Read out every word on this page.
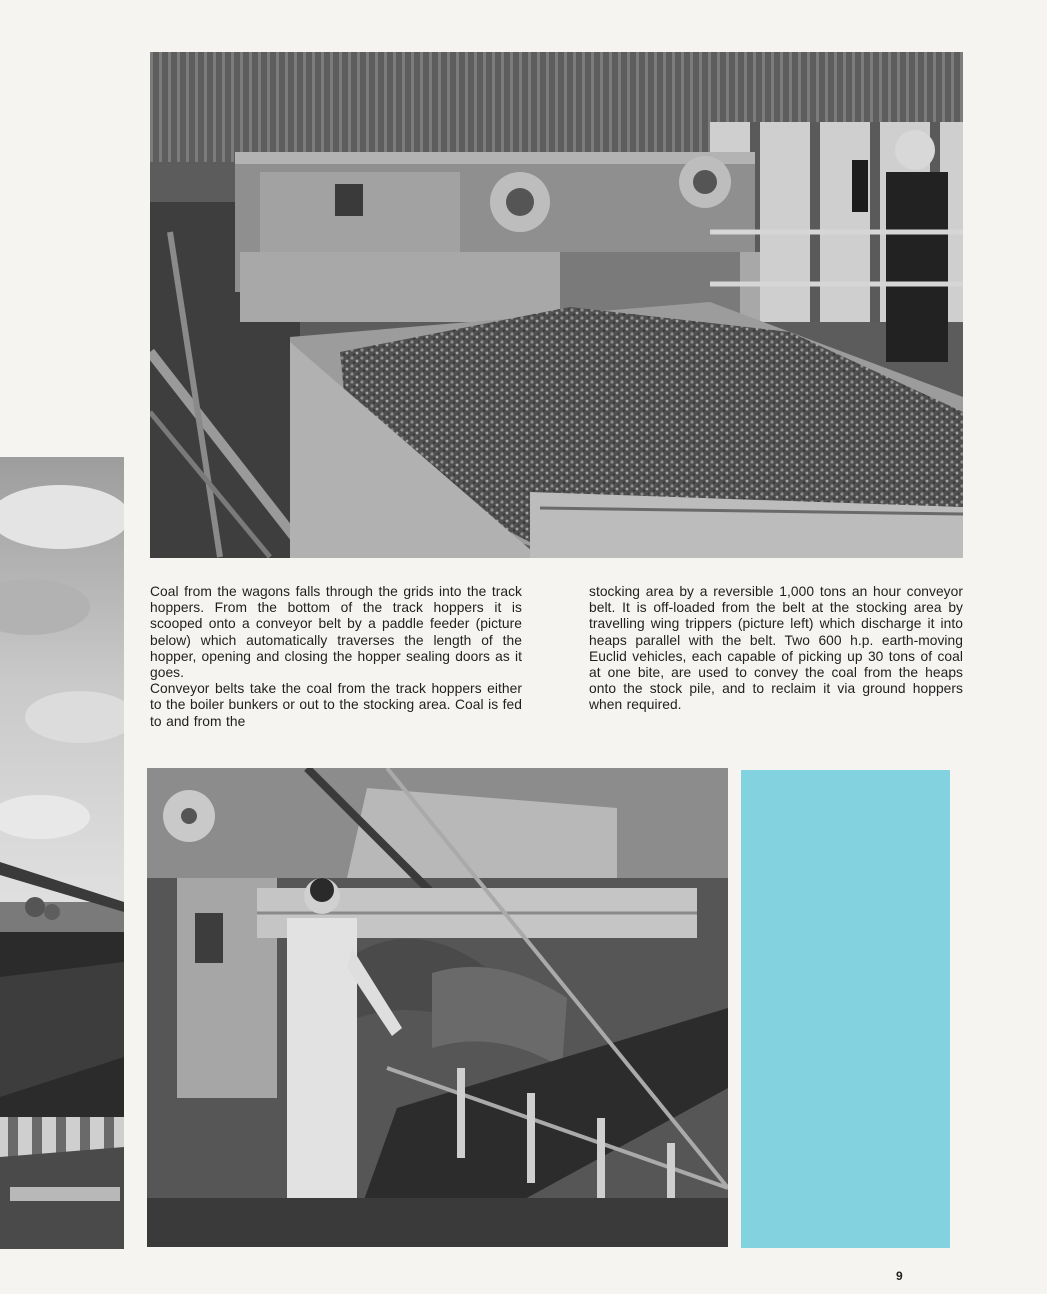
Coal from the wagons falls through the grids into the track hoppers. From the bottom of the track hoppers it is scooped onto a conveyor belt by a paddle feeder (picture below) which automatically traverses the length of the hopper, opening and closing the hopper sealing doors as it goes.

Conveyor belts take the coal from the track hoppers either to the boiler bunkers or out to the stocking area. Coal is fed to and from the

stocking area by a reversible 1,000 tons an hour conveyor belt. It is off-loaded from the belt at the stocking area by travelling wing trippers (picture left) which discharge it into heaps parallel with the belt. Two 600 h.p. earth-moving Euclid vehicles, each capable of picking up 30 tons of coal at one bite, are used to convey the coal from the heaps onto the stock pile, and to reclaim it via ground hoppers when required.

9
